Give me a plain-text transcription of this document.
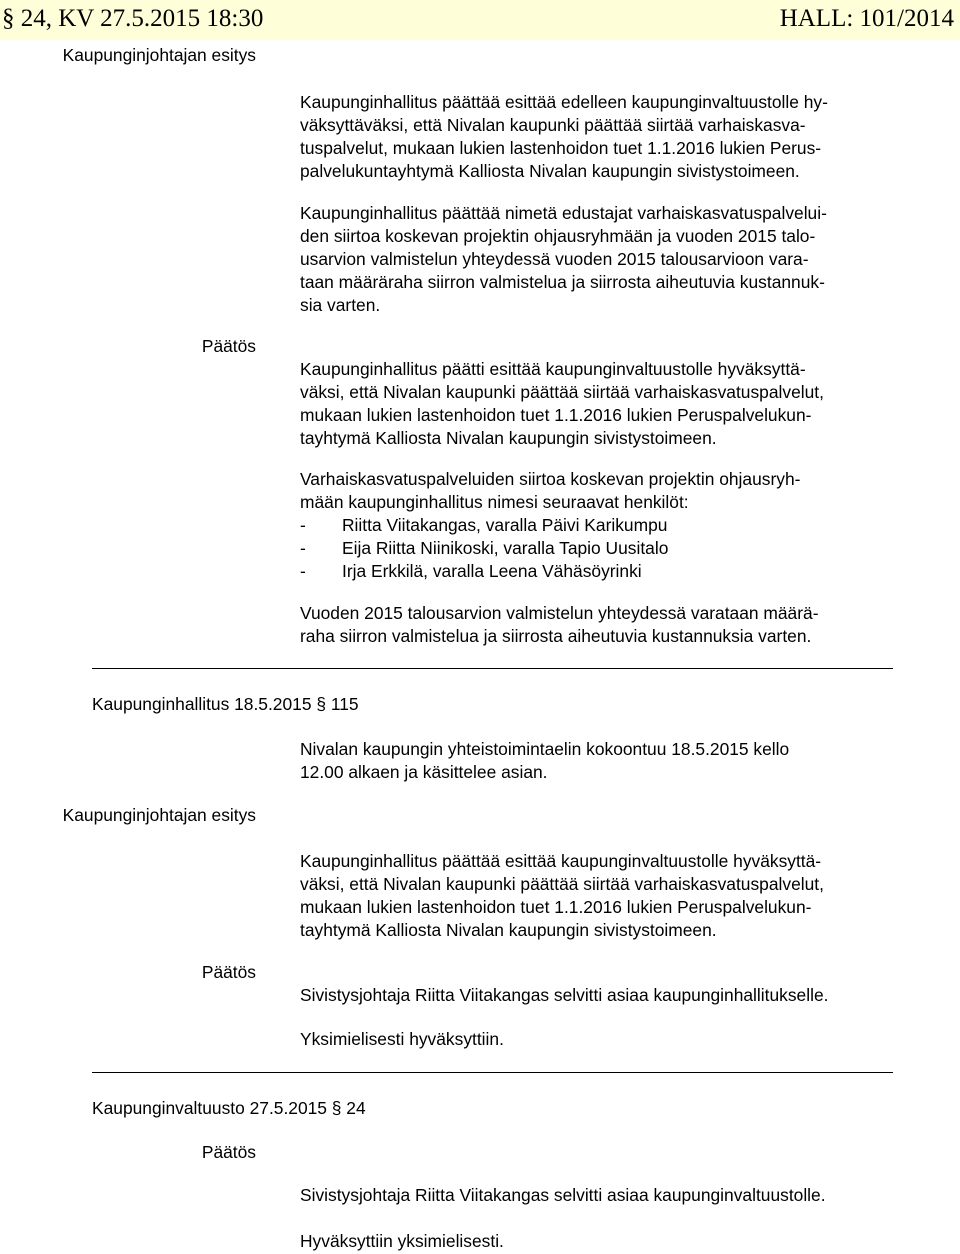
§ 24, KV 27.5.2015 18:30	HALL: 101/2014
Kaupunginjohtajan esitys
Kaupunginhallitus päättää esittää edelleen kaupunginvaltuustolle hy-
väksyttäväksi, että Nivalan kaupunki päättää siirtää varhaiskasva-
tuspalvelut, mukaan lukien lastenhoidon tuet 1.1.2016 lukien Perus-
palvelukuntayhtymä Kalliosta Nivalan kaupungin sivistystoimeen.
Kaupunginhallitus päättää nimetä edustajat varhaiskasvatuspalvelui-
den siirtoa koskevan projektin ohjausryhmään ja vuoden 2015 talo-
usarvion valmistelun yhteydessä vuoden 2015 talousarvioon vara-
taan määräraha siirron valmistelua ja siirrosta aiheutuvia kustannuk-
sia varten.
Päätös
Kaupunginhallitus päätti esittää kaupunginvaltuustolle hyväksyttä-
väksi, että Nivalan kaupunki päättää siirtää varhaiskasvatuspalvelut,
mukaan lukien lastenhoidon tuet 1.1.2016 lukien Peruspalvelukun-
tayhtymä Kalliosta Nivalan kaupungin sivistystoimeen.
Varhaiskasvatuspalveluiden siirtoa koskevan projektin ohjausryh-
mään kaupunginhallitus nimesi seuraavat henkilöt:
- Riitta Viitakangas, varalla Päivi Karikumpu
- Eija Riitta Niinikoski, varalla Tapio Uusitalo
- Irja Erkkilä, varalla Leena Vähäsöyrinki
Vuoden 2015 talousarvion valmistelun yhteydessä varataan määrä-
raha siirron valmistelua ja siirrosta aiheutuvia kustannuksia varten.
Kaupunginhallitus 18.5.2015 § 115
Nivalan kaupungin yhteistoimintaelin kokoontuu 18.5.2015 kello
12.00 alkaen ja käsittelee asian.
Kaupunginjohtajan esitys
Kaupunginhallitus päättää esittää kaupunginvaltuustolle hyväksyttä-
väksi, että Nivalan kaupunki päättää siirtää varhaiskasvatuspalvelut,
mukaan lukien lastenhoidon tuet 1.1.2016 lukien Peruspalvelukun-
tayhtymä Kalliosta Nivalan kaupungin sivistystoimeen.
Päätös
Sivistysjohtaja Riitta Viitakangas selvitti asiaa kaupunginhallitukselle.
Yksimielisesti hyväksyttiin.
Kaupunginvaltuusto 27.5.2015 § 24
Päätös
Sivistysjohtaja Riitta Viitakangas selvitti asiaa kaupunginvaltuustolle.
Hyväksyttiin yksimielisesti.
